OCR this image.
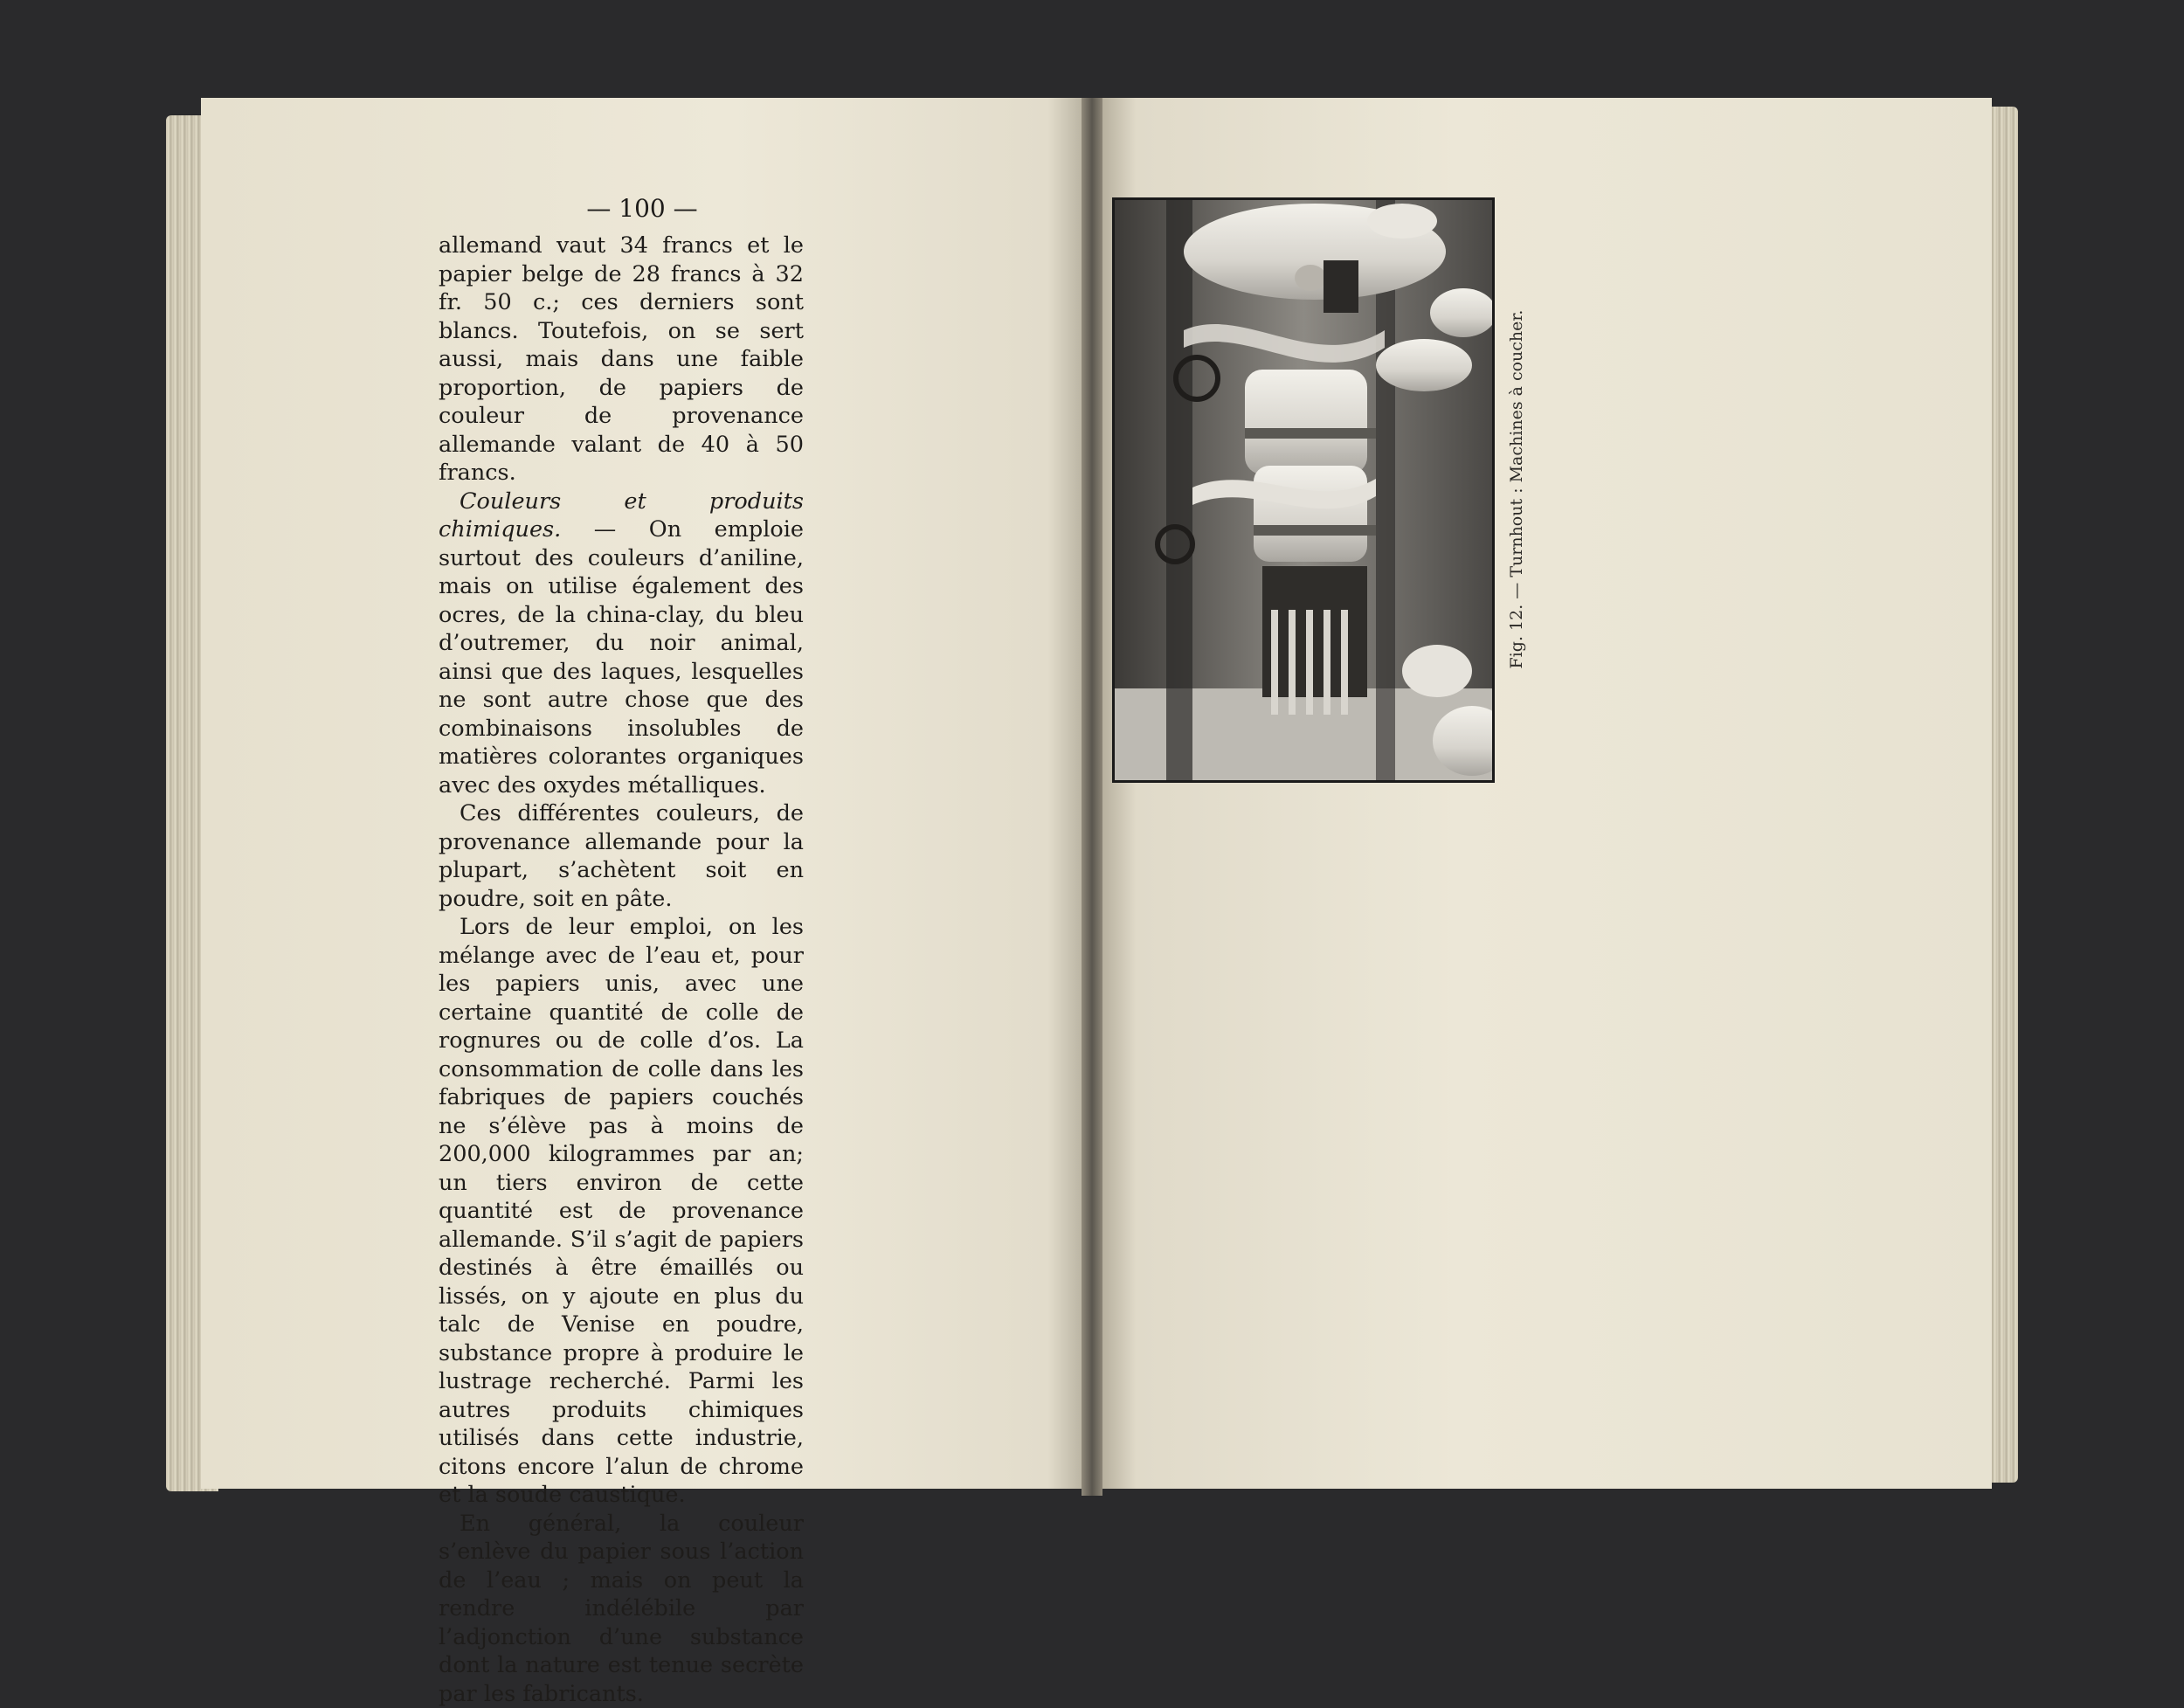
— 100 —

allemand vaut 34 francs et le papier belge de 28 francs à 32 fr. 50 c.; ces derniers sont blancs. Toutefois, on se sert aussi, mais dans une faible proportion, de papiers de couleur de provenance allemande valant de 40 à 50 francs.

Couleurs et produits chimiques. — On emploie surtout des couleurs d’aniline, mais on utilise également des ocres, de la china-clay, du bleu d’outremer, du noir animal, ainsi que des laques, lesquelles ne sont autre chose que des combinaisons insolubles de matières colorantes organiques avec des oxydes métalliques.

Ces différentes couleurs, de provenance allemande pour la plupart, s’achètent soit en poudre, soit en pâte.

Lors de leur emploi, on les mélange avec de l’eau et, pour les papiers unis, avec une certaine quantité de colle de rognures ou de colle d’os. La consommation de colle dans les fabriques de papiers couchés ne s’élève pas à moins de 200,000 kilogrammes par an; un tiers environ de cette quantité est de provenance allemande. S’il s’agit de papiers destinés à être émaillés ou lissés, on y ajoute en plus du talc de Venise en poudre, substance propre à produire le lustrage recherché. Parmi les autres produits chimiques utilisés dans cette industrie, citons encore l’alun de chrome et la soude caustique.

En général, la couleur s’enlève du papier sous l’action de l’eau ; mais on peut la rendre indélébile par l’adjonction d’une substance dont la nature est tenue secrète par les fabricants.

Fig. 12. — Turnhout : Machines à coucher.
